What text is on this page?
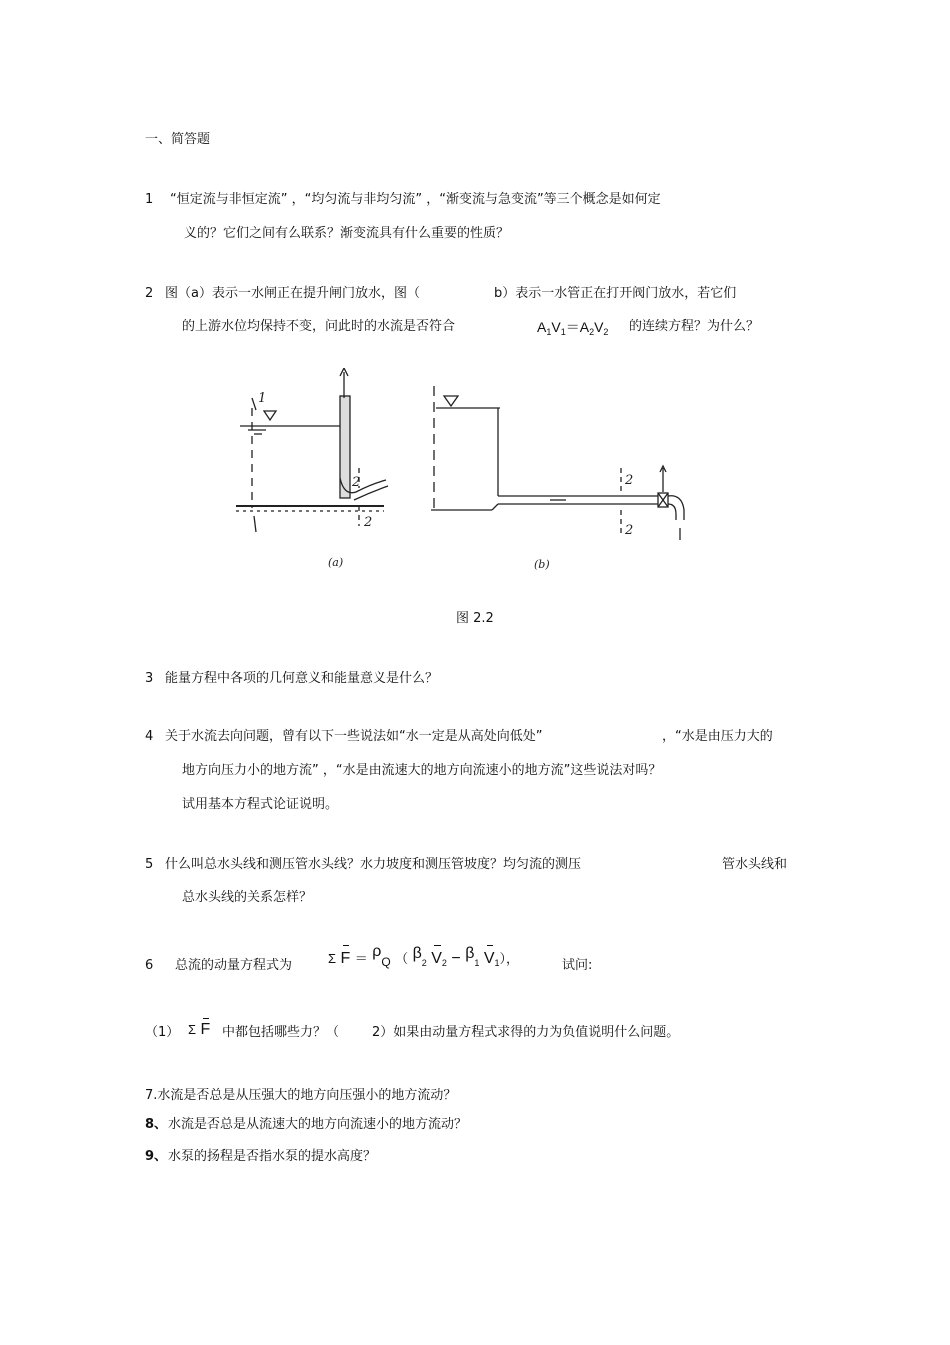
一、简答题
1 “恒定流与非恒定流” ，“均匀流与非均匀流” ，“渐变流与急变流”等三个概念是如何定
义的？它们之间有么联系？渐变流具有什么重要的性质？
2 图（a）表示一水闸正在提升闸门放水，图（	b）表示一水管正在打开阀门放水，若它们
的上游水位均保持不变，问此时的水流是否符合	$A_1V_1=A_2V_2$ 的连续方程？为什么？
2
2
1
2
2
(a)	(b)
图 2.2
3 能量方程中各项的几何意义和能量意义是什么？
4 关于水流去向问题，曾有以下一些说法如“水一定是从高处向低处”	，“水是由压力大的
地方向压力小的地方流” ，“水是由流速大的地方向流速小的地方流”这些说法对吗？
试用基本方程式论证说明。
5 什么叫总水头线和测压管水头线？水力坡度和测压管坡度？均匀流的测压	管水头线和
总水头线的关系怎样？
6 总流的动量方程式为	Σ $F = \rho_Q$ （ $\beta_2$ $V_2 - \beta_1$ $V_1$），	试问:
（1） Σ F 中都包括哪些力？（	2）如果由动量方程式求得的力为负值说明什么问题。
7.水流是否总是从压强大的地方向压强小的地方流动？
8、 水流是否总是从流速大的地方向流速小的地方流动？
9、 水泵的扬程是否指水泵的提水高度？
